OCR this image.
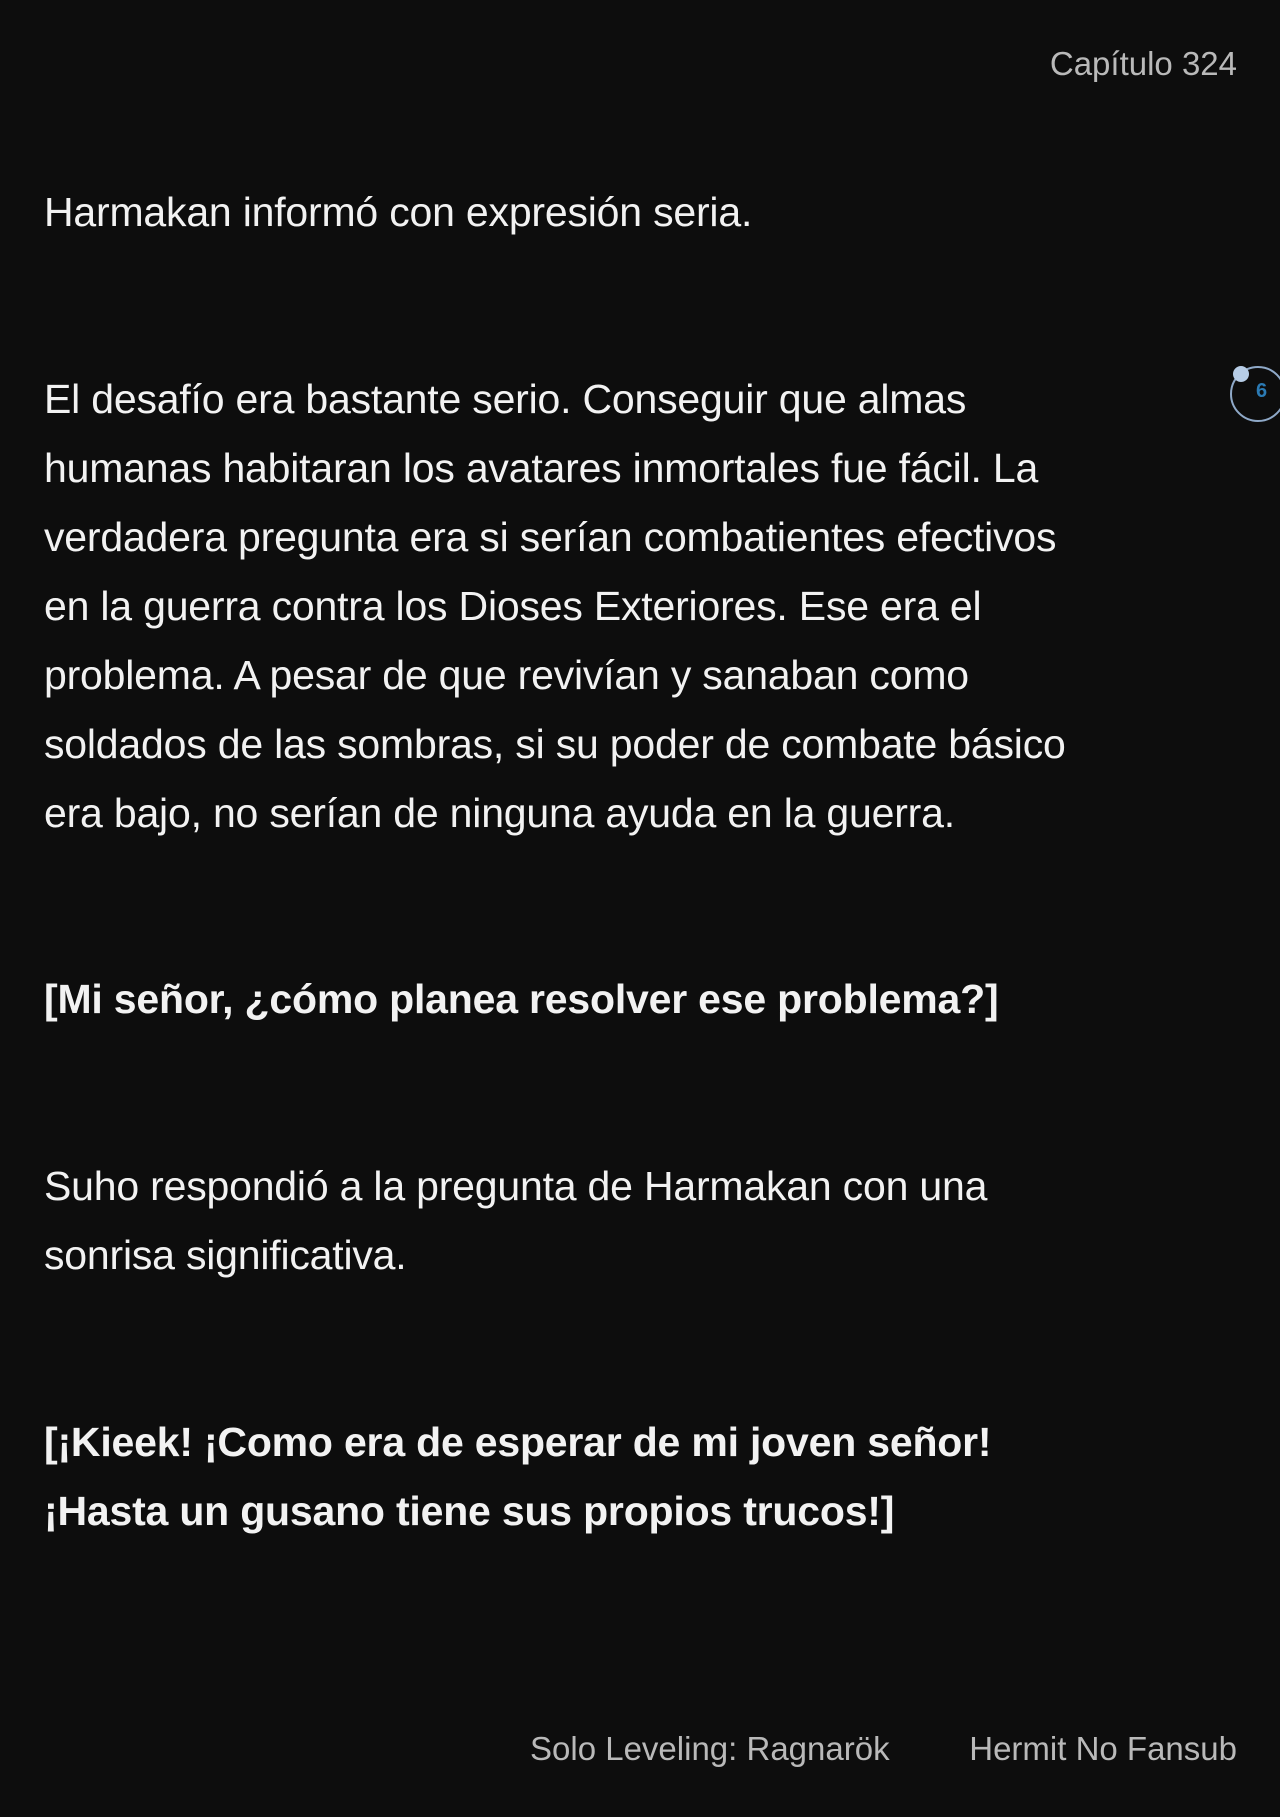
Capítulo 324
Harmakan informó con expresión seria.
El desafío era bastante serio. Conseguir que almas
humanas habitaran los avatares inmortales fue fácil. La
verdadera pregunta era si serían combatientes efectivos
en la guerra contra los Dioses Exteriores. Ese era el
problema. A pesar de que revivían y sanaban como
soldados de las sombras, si su poder de combate básico
era bajo, no serían de ninguna ayuda en la guerra.
[Mi señor, ¿cómo planea resolver ese problema?]
Suho respondió a la pregunta de Harmakan con una
sonrisa significativa.
[¡Kieek! ¡Como era de esperar de mi joven señor!
¡Hasta un gusano tiene sus propios trucos!]
6
Solo Leveling: Ragnarök Hermit No Fansub
